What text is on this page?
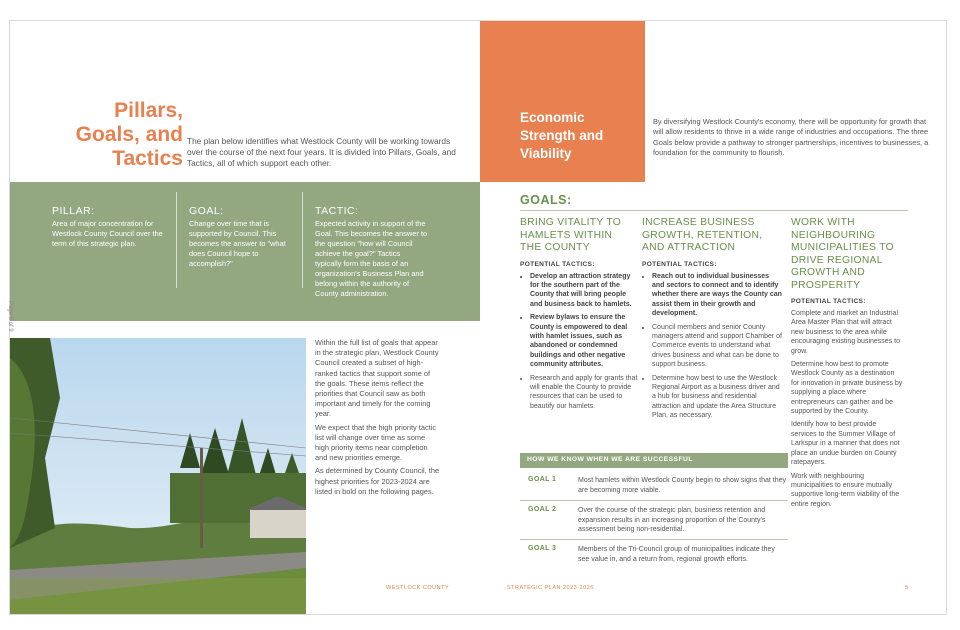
Pillars,
Goals, and
Tactics
The plan below identifies what Westlock County will be working towards over the course of the next four years. It is divided into Pillars, Goals, and Tactics, all of which support each other.
PILLAR:
Area of major concentration for Westlock County Council over the term of this strategic plan.
GOAL:
Change over time that is supported by Council. This becomes the answer to "what does Council hope to accomplish?"
TACTIC:
Expected activity in support of the Goal. This becomes the answer to the question "how will Council achieve the goal?" Tactics typically form the basis of an organization's Business Plan and belong within the authority of County administration.
Page 5 of 9

Within the full list of goals that appear in the strategic plan, Westlock County Council created a subset of high-ranked tactics that support some of the goals. These items reflect the priorities that Council saw as both important and timely for the coming year.

We expect that the high priority tactic list will change over time as some high priority items near completion and new priorities emerge.

As determined by County Council, the highest priorities for 2023-2024 are listed in bold on the following pages.

WESTLOCK COUNTY
Economic
Strength and
Viability
By diversifying Westlock County's economy, there will be opportunity for growth that will allow residents to thrive in a wide range of industries and occupations. The three Goals below provide a pathway to stronger partnerships, incentives to businesses, a foundation for the community to flourish.
GOALS:
BRING VITALITY TO
HAMLETS WITHIN
THE COUNTY
POTENTIAL TACTICS:
• Develop an attraction strategy for the southern part of the County that will bring people and business back to hamlets.
• Review bylaws to ensure the County is empowered to deal with hamlet issues, such as abandoned or condemned buildings and other negative community attributes.
• Research and apply for grants that will enable the County to provide resources that can be used to beautify our hamlets.
INCREASE BUSINESS
GROWTH, RETENTION,
AND ATTRACTION
POTENTIAL TACTICS:
• Reach out to individual businesses and sectors to connect and to identify whether there are ways the County can assist them in their growth and development.
• Council members and senior County managers attend and support Chamber of Commerce events to understand what drives business and what can be done to support business.
• Determine how best to use the Westlock Regional Airport as a business driver and a hub for business and residential attraction and update the Area Structure Plan, as necessary.
WORK WITH
NEIGHBOURING
MUNICIPALITIES TO
DRIVE REGIONAL
GROWTH AND
PROSPERITY
POTENTIAL TACTICS:

Complete and market an Industrial Area Master Plan that will attract new business to the area while encouraging existing businesses to grow.

Determine how best to promote Westlock County as a destination for innovation in private business by supplying a place where entrepreneurs can gather and be supported by the County.

Identify how to best provide services to the Summer Village of Larkspur in a manner that does not place an undue burden on County ratepayers.

Work with neighbouring municipalities to ensure mutually supportive long-term viability of the entire region.

HOW WE KNOW WHEN WE ARE SUCCESSFUL
GOAL 1	Most hamlets within Westlock County begin to show signs that they are becoming more viable.
GOAL 2	Over the course of the strategic plan, business retention and expansion results in an increasing proportion of the County's assessment being non-residential.
GOAL 3	Members of the Tri-Council group of municipalities indicate they see value in, and a return from, regional growth efforts.
STRATEGIC PLAN 2023-2026	5
